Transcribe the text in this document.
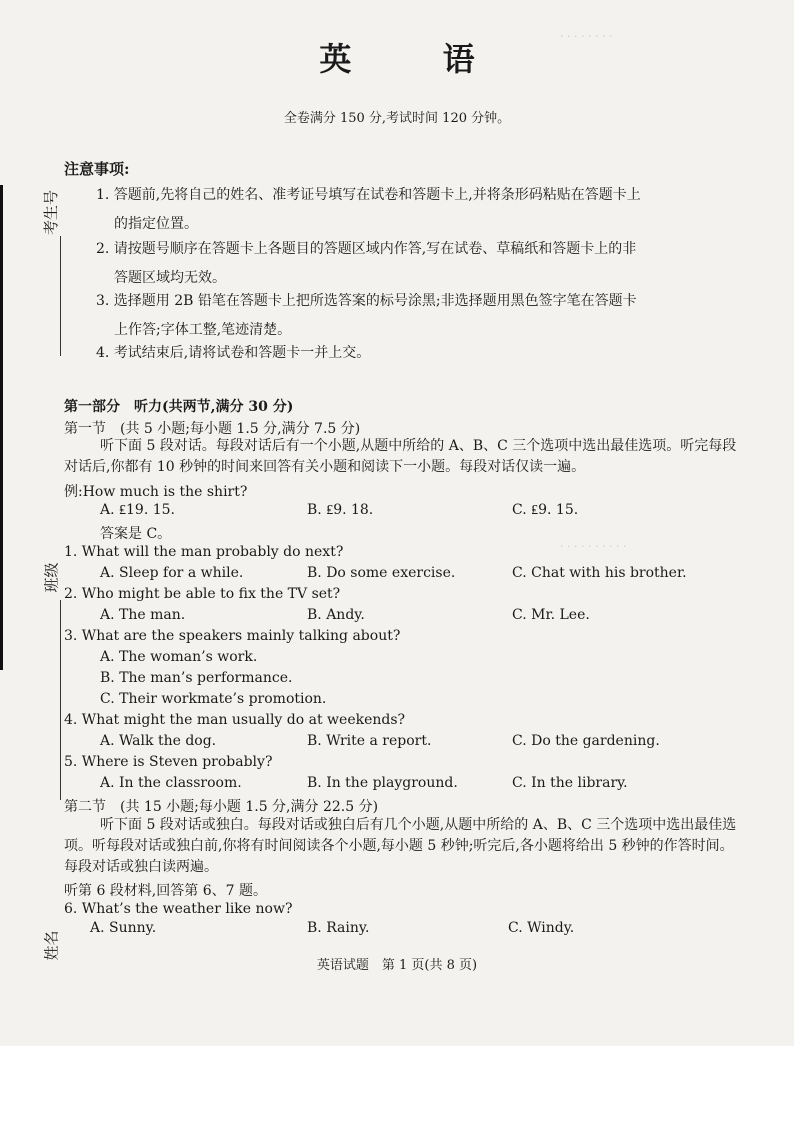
· · · · · · · ·
· · · · · · · · · ·
考生号
班级
姓名
英 语
全卷满分 150 分,考试时间 120 分钟。
注意事项:
1. 答题前,先将自己的姓名、准考证号填写在试卷和答题卡上,并将条形码粘贴在答题卡上
的指定位置。
2. 请按题号顺序在答题卡上各题目的答题区域内作答,写在试卷、草稿纸和答题卡上的非
答题区域均无效。
3. 选择题用 2B 铅笔在答题卡上把所选答案的标号涂黑;非选择题用黑色签字笔在答题卡
上作答;字体工整,笔迹清楚。
4. 考试结束后,请将试卷和答题卡一并上交。
第一部分　听力(共两节,满分 30 分)
第一节　(共 5 小题;每小题 1.5 分,满分 7.5 分)
听下面 5 段对话。每段对话后有一个小题,从题中所给的 A、B、C 三个选项中选出最佳选项。听完每段对话后,你都有 10 秒钟的时间来回答有关小题和阅读下一小题。每段对话仅读一遍。
例:How much is the shirt?
A. ₤19. 15.	B. ₤9. 18.	C. ₤9. 15.
答案是 C。
1. What will the man probably do next?
A. Sleep for a while.	B. Do some exercise.	C. Chat with his brother.
2. Who might be able to fix the TV set?
A. The man.	B. Andy.	C. Mr. Lee.
3. What are the speakers mainly talking about?
A. The woman’s work.
B. The man’s performance.
C. Their workmate’s promotion.
4. What might the man usually do at weekends?
A. Walk the dog.	B. Write a report.	C. Do the gardening.
5. Where is Steven probably?
A. In the classroom.	B. In the playground.	C. In the library.
第二节　(共 15 小题;每小题 1.5 分,满分 22.5 分)
听下面 5 段对话或独白。每段对话或独白后有几个小题,从题中所给的 A、B、C 三个选项中选出最佳选项。听每段对话或独白前,你将有时间阅读各个小题,每小题 5 秒钟;听完后,各小题将给出 5 秒钟的作答时间。每段对话或独白读两遍。
听第 6 段材料,回答第 6、7 题。
6. What’s the weather like now?
A. Sunny.	B. Rainy.	C. Windy.
英语试题　第 1 页(共 8 页)
